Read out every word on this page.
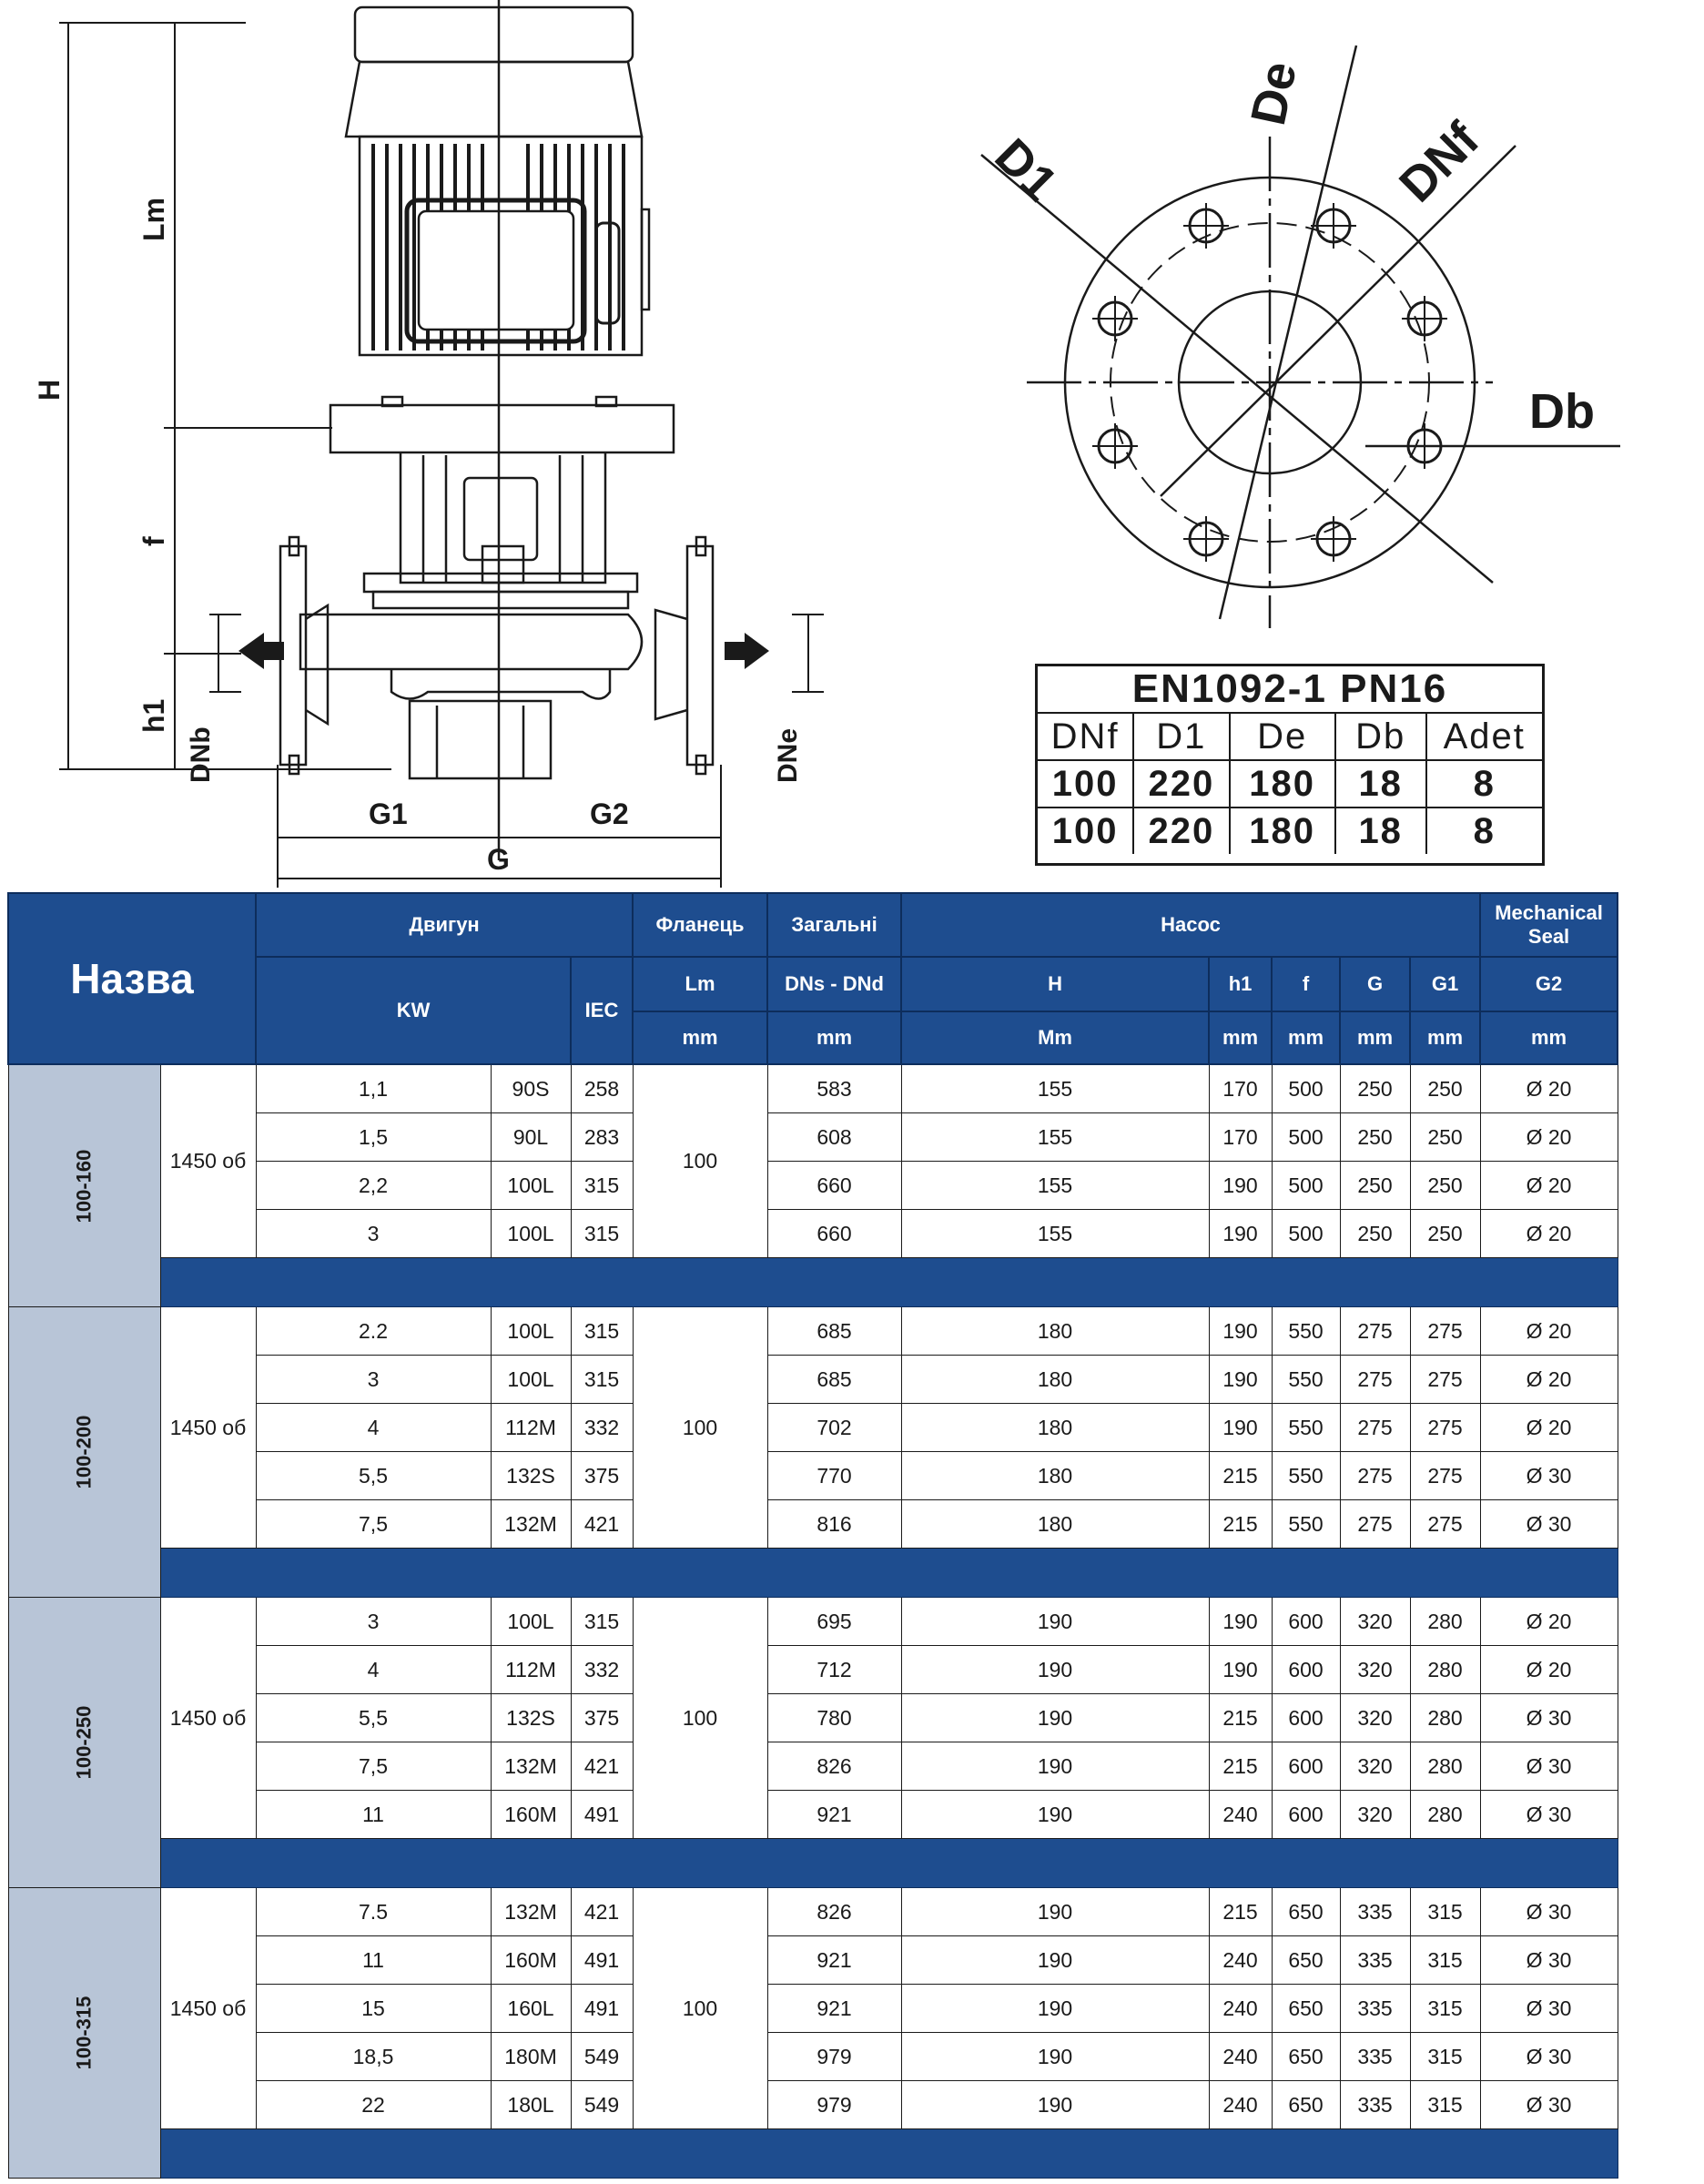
H
Lm
f
h1
DNb	DNe
G1	G2
G
D1
De
DNf
Db
EN1092-1 PN16
DNf	D1	De	Db	Adet
100	220	180	18	8
100	220	180	18	8
Назва		Двигун			Фланець	Загальні	Насос					Mechanical Seal	
		KW		IEC	Lm	DNs - DNd	H	h1	f	G	G1	G2	Nominal Impeller Diameter
					mm	mm	Mm	mm	mm	mm	mm	mm	
100-160	1450 об	1,1	90S	258	100	583	155	170	500	250	250	Ø 20	
		1,5	90L	283		608	155	170	500	250	250	Ø 20	
		2,2	100L	315		660	155	190	500	250	250	Ø 20	
		3	100L	315		660	155	190	500	250	250	Ø 20	

100-200	1450 об	2.2	100L	315	100	685	180	190	550	275	275	Ø 20	
		3	100L	315		685	180	190	550	275	275	Ø 20	
		4	112M	332		702	180	190	550	275	275	Ø 20	
		5,5	132S	375		770	180	215	550	275	275	Ø 30	
		7,5	132M	421		816	180	215	550	275	275	Ø 30	

100-250	1450 об	3	100L	315	100	695	190	190	600	320	280	Ø 20	
		4	112M	332		712	190	190	600	320	280	Ø 20	
		5,5	132S	375		780	190	215	600	320	280	Ø 30	
		7,5	132M	421		826	190	215	600	320	280	Ø 30	
		11	160M	491		921	190	240	600	320	280	Ø 30	

100-315	1450 об	7.5	132M	421	100	826	190	215	650	335	315	Ø 30	
		11	160M	491		921	190	240	650	335	315	Ø 30	
		15	160L	491		921	190	240	650	335	315	Ø 30	
		18,5	180M	549		979	190	240	650	335	315	Ø 30	
		22	180L	549		979	190	240	650	335	315	Ø 30	
